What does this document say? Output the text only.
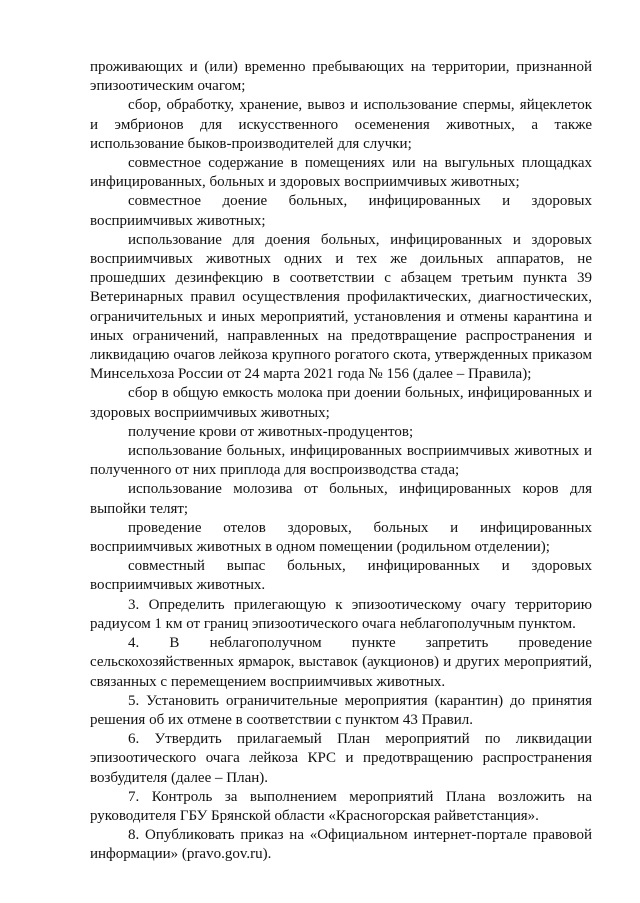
проживающих и (или) временно пребывающих на территории, признанной эпизоотическим очагом;

сбор, обработку, хранение, вывоз и использование спермы, яйцеклеток и эмбрионов для искусственного осеменения животных, а также использование быков-производителей для случки;

совместное содержание в помещениях или на выгульных площадках инфицированных, больных и здоровых восприимчивых животных;

совместное доение больных, инфицированных и здоровых восприимчивых животных;

использование для доения больных, инфицированных и здоровых восприимчивых животных одних и тех же доильных аппаратов, не прошедших дезинфекцию в соответствии с абзацем третьим пункта 39 Ветеринарных правил осуществления профилактических, диагностических, ограничительных и иных мероприятий, установления и отмены карантина и иных ограничений, направленных на предотвращение распространения и ликвидацию очагов лейкоза крупного рогатого скота, утвержденных приказом Минсельхоза России от 24 марта 2021 года № 156 (далее – Правила);

сбор в общую емкость молока при доении больных, инфицированных и здоровых восприимчивых животных;

получение крови от животных-продуцентов;

использование больных, инфицированных восприимчивых животных и полученного от них приплода для воспроизводства стада;

использование молозива от больных, инфицированных коров для выпойки телят;

проведение отелов здоровых, больных и инфицированных восприимчивых животных в одном помещении (родильном отделении);

совместный выпас больных, инфицированных и здоровых восприимчивых животных.

3. Определить прилегающую к эпизоотическому очагу территорию радиусом 1 км от границ эпизоотического очага неблагополучным пунктом.

4. В неблагополучном пункте запретить проведение сельскохозяйственных ярмарок, выставок (аукционов) и других мероприятий, связанных с перемещением восприимчивых животных.

5. Установить ограничительные мероприятия (карантин) до принятия решения об их отмене в соответствии с пунктом 43 Правил.

6. Утвердить прилагаемый План мероприятий по ликвидации эпизоотического очага лейкоза КРС и предотвращению распространения возбудителя (далее – План).

7. Контроль за выполнением мероприятий Плана возложить на руководителя ГБУ Брянской области «Красногорская райветстанция».

8. Опубликовать приказ на «Официальном интернет-портале правовой информации» (pravo.gov.ru).
